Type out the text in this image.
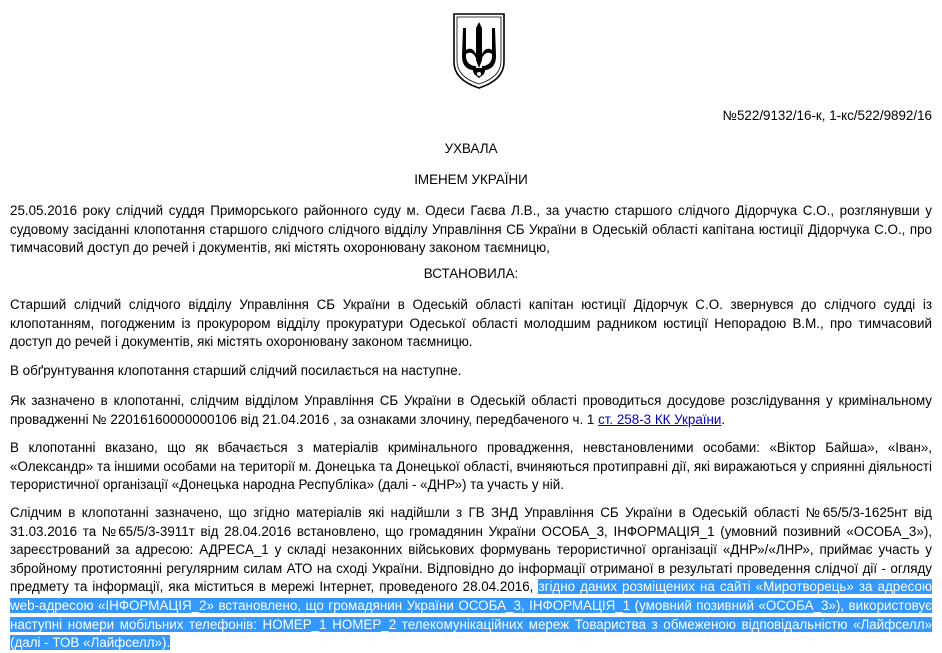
№522/9132/16-к, 1-кс/522/9892/16
УХВАЛА
ІМЕНЕМ УКРАЇНИ

25.05.2016 року слідчий суддя Приморського районного суду м. Одеси Гаєва Л.В., за участю старшого слідчого Дідорчука С.О., розглянувши у судовому засіданні клопотання старшого слідчого слідчого відділу Управління СБ України в Одеській області капітана юстиції Дідорчука С.О., про тимчасовий доступ до речей і документів, які містять охоронювану законом таємницю,

ВСТАНОВИЛА:

Старший слідчий слідчого відділу Управління СБ України в Одеській області капітан юстиції Дідорчук С.О. звернувся до слідчого судді із клопотанням, погодженим із прокурором відділу прокуратури Одеської області молодшим радником юстиції Непорадою В.М., про тимчасовий доступ до речей і документів, які містять охоронювану законом таємницю.

В обґрунтування клопотання старший слідчий посилається на наступне.

Як зазначено в клопотанні, слідчим відділом Управління СБ України в Одеській області проводиться досудове розслідування у кримінальному провадженні № 22016160000000106 від 21.04.2016 , за ознаками злочину, передбаченого ч. 1 ст. 258-3 КК України.

В клопотанні вказано, що як вбачається з матеріалів кримінального провадження, невстановленими особами: «Віктор Байша», «Іван», «Олександр» та іншими особами на території м. Донецька та Донецької області, вчиняються протиправні дії, які виражаються у сприянні діяльності терористичної організації «Донецька народна Республіка» (далі - «ДНР») та участь у ній.

Слідчим в клопотанні зазначено, що згідно матеріалів які надійшли з ГВ ЗНД Управління СБ України в Одеській області №65/5/3-1625нт від 31.03.2016 та №65/5/3-3911т від 28.04.2016 встановлено, що громадянин України ОСОБА_3, ІНФОРМАЦІЯ_1 (умовний позивний «ОСОБА_3»), зареєстрований за адресою: АДРЕСА_1 у складі незаконних військових формувань терористичної організації «ДНР»/«ЛНР», приймає участь у збройному протистоянні регулярним силам АТО на сході України. Відповідно до інформації отриманої в результаті проведення слідчої дії - огляду предмету та інформації, яка міститься в мережі Інтернет, проведеного 28.04.2016, згідно даних розміщених на сайті «Миротворець» за адресою web-адресою «ІНФОРМАЦІЯ_2» встановлено, що громадянин України ОСОБА_3, ІНФОРМАЦІЯ_1 (умовний позивний «ОСОБА_3»), використовує наступні номери мобільних телефонів: НОМЕР_1 НОМЕР_2 телекомунікаційних мереж Товариства з обмеженою відповідальністю «Лайфселл» (далі - ТОВ «Лайфселл»).
